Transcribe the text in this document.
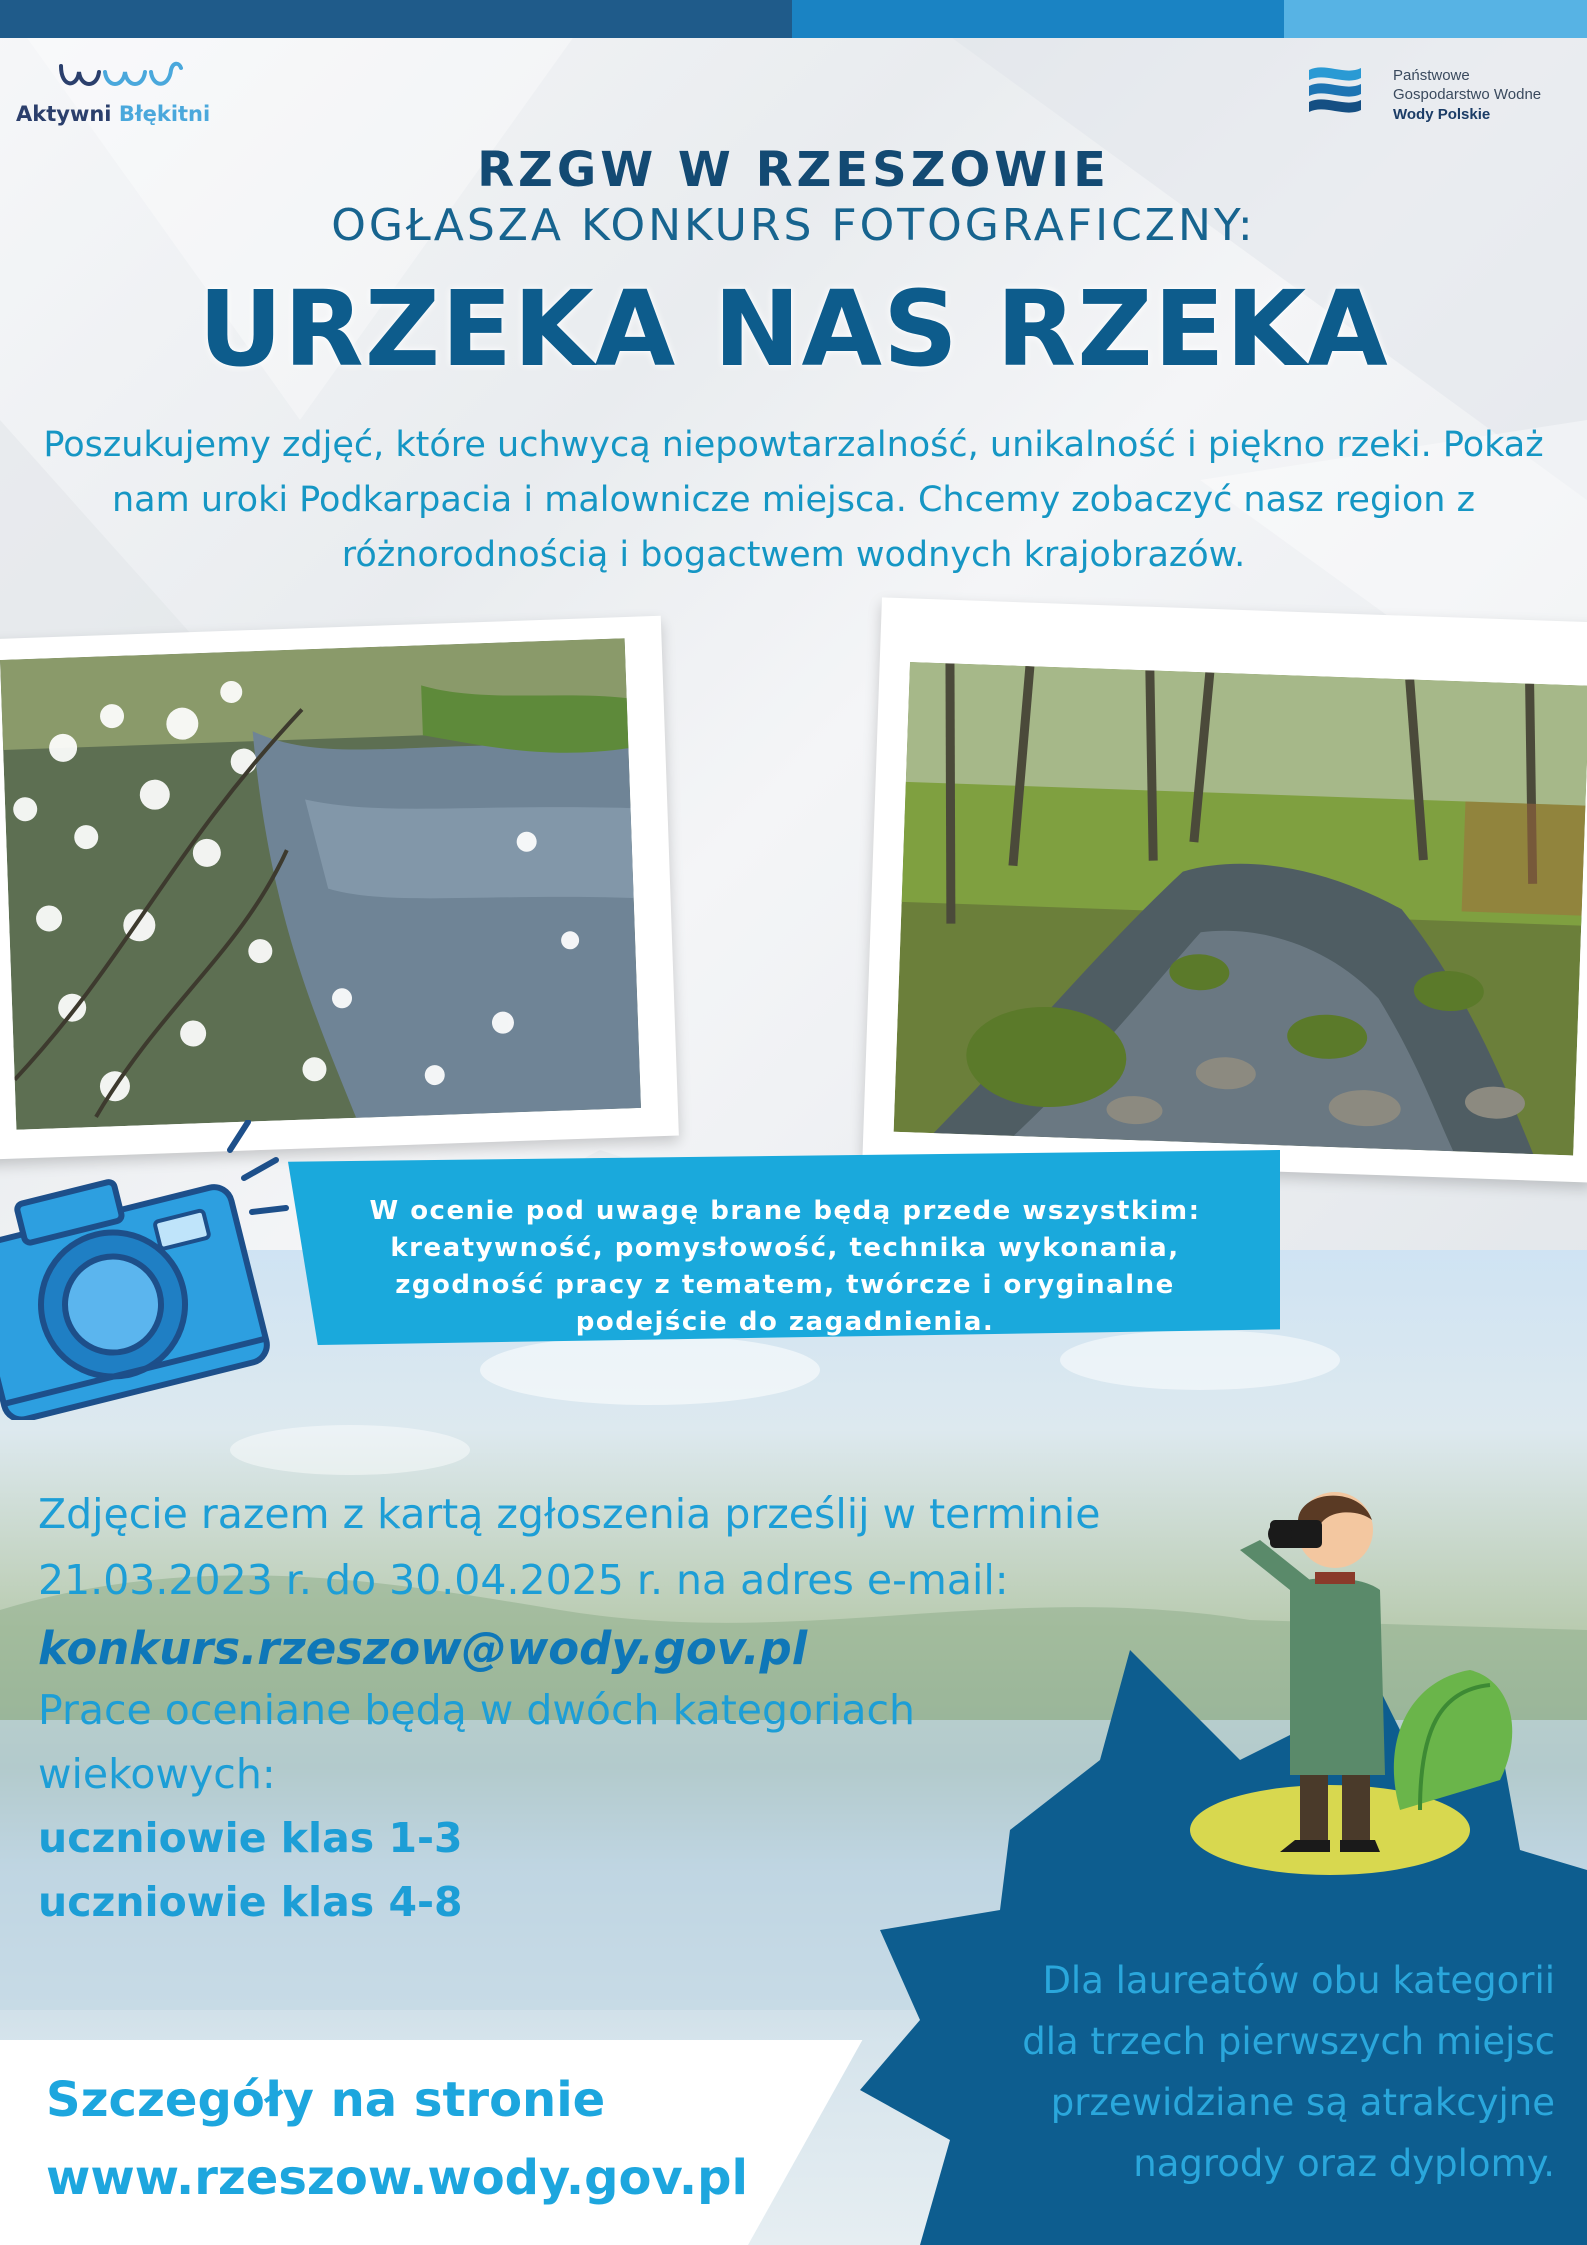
Aktywni Błękitni
Państwowe
Gospodarstwo Wodne
Wody Polskie
RZGW W RZESZOWIE
OGŁASZA KONKURS FOTOGRAFICZNY:
URZEKA NAS RZEKA
Poszukujemy zdjęć, które uchwycą niepowtarzalność, unikalność i piękno rzeki. Pokaż nam uroki Podkarpacia i malownicze miejsca. Chcemy zobaczyć nasz region z różnorodnością i bogactwem wodnych krajobrazów.
W ocenie pod uwagę brane będą przede wszystkim:
kreatywność, pomysłowość, technika wykonania,
zgodność pracy z tematem, twórcze i oryginalne
podejście do zagadnienia.
Zdjęcie razem z kartą zgłoszenia prześlij w terminie
21.03.2023 r. do 30.04.2025 r. na adres e-mail:
konkurs.rzeszow@wody.gov.pl
Prace oceniane będą w dwóch kategoriach
wiekowych:
uczniowie klas 1-3
uczniowie klas 4-8
Dla laureatów obu kategorii
dla trzech pierwszych miejsc
przewidziane są atrakcyjne
nagrody oraz dyplomy.
Szczegóły na stronie
www.rzeszow.wody.gov.pl
